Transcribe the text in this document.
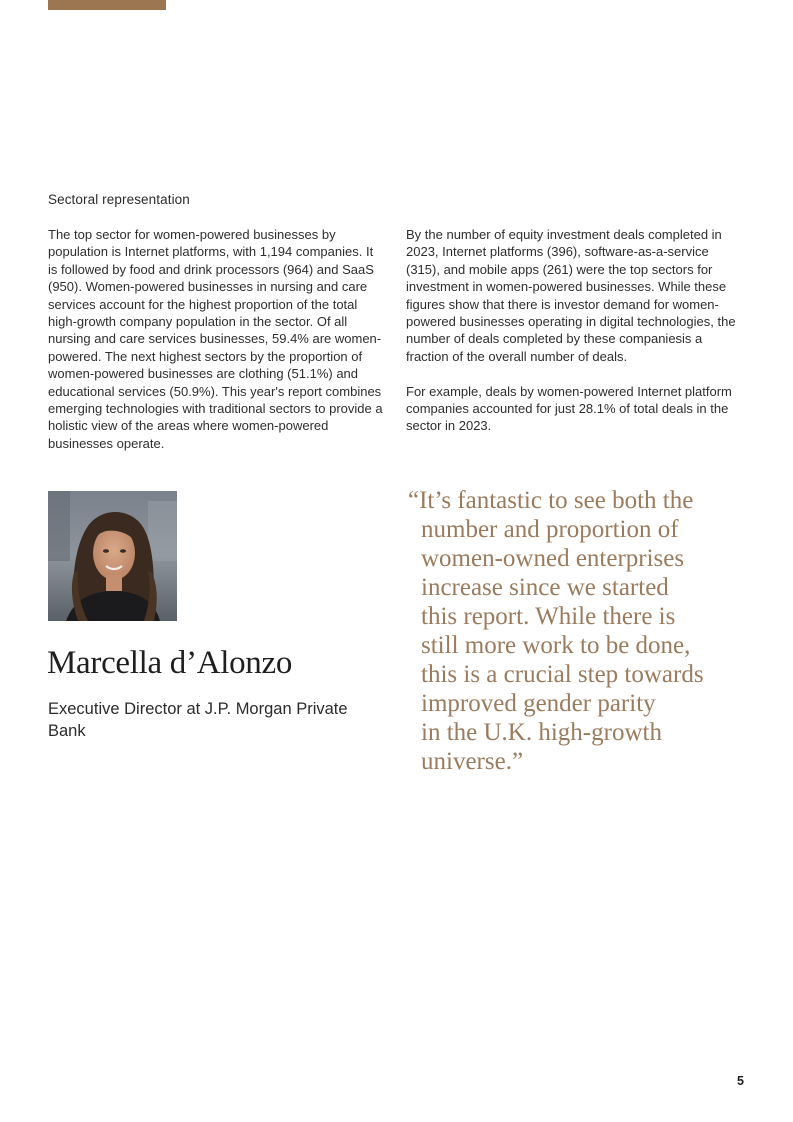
Sectoral representation

The top sector for women-powered businesses by population is Internet platforms, with 1,194 companies. It is followed by food and drink processors (964) and SaaS (950). Women-powered businesses in nursing and care services account for the highest proportion of the total high-growth company population in the sector. Of all nursing and care services businesses, 59.4% are women-powered. The next highest sectors by the proportion of women-powered businesses are clothing (51.1%) and educational services (50.9%). This year's report combines emerging technologies with traditional sectors to provide a holistic view of the areas where women-powered businesses operate.

By the number of equity investment deals completed in 2023, Internet platforms (396), software-as-a-service (315), and mobile apps (261) were the top sectors for investment in women-powered businesses. While these figures show that there is investor demand for women-powered businesses operating in digital technologies, the number of deals completed by these companiesis a fraction of the overall number of deals.

For example, deals by women-powered Internet platform companies accounted for just 28.1% of total deals in the sector in 2023.

Marcella d’Alonzo

Executive Director at J.P. Morgan Private Bank

“It’s fantastic to see both the
number and proportion of
women-owned enterprises
increase since we started
this report. While there is
still more work to be done,
this is a crucial step towards
improved gender parity
in the U.K. high-growth
universe.”
5
